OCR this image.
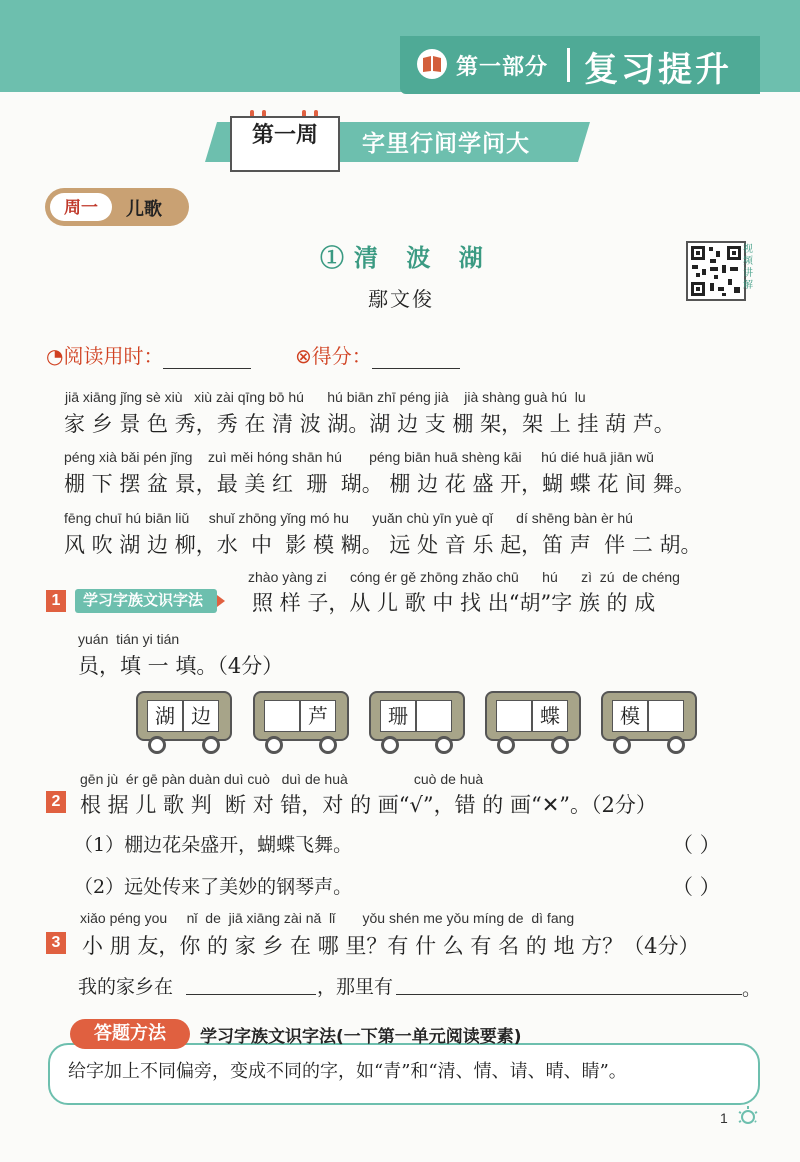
第一部分 复习提升
第一周	字里行间学问大
周一	儿歌
①清 波 湖
鄢文俊
视频讲解
◔阅读用时：	⊗得分：
jiā xiāng jǐng sè xiù   xiù zài qīng bō hú      hú biān zhī péng jià    jià shàng guà hú  lu
家 乡 景 色 秀，秀 在 清 波 湖。湖 边 支 棚 架，架 上 挂 葫 芦。
péng xià bǎi pén jǐng    zuì měi hóng shān hú       péng biān huā shèng kāi     hú dié huā jiān wǔ
棚 下 摆 盆 景，最 美 红  珊  瑚。 棚 边 花 盛 开，蝴 蝶 花 间 舞。
fēng chuī hú biān liǔ     shuǐ zhōng yǐng mó hu      yuǎn chù yīn yuè qǐ      dí shēng bàn èr hú
风 吹 湖 边 柳，水  中  影 模 糊。 远 处 音 乐 起，笛 声  伴 二 胡。
1	学习字族文识字法
zhào yàng zi      cóng ér gě zhōng zhǎo chū      hú      zì  zú  de chéng
照 样 子，从 儿 歌 中 找 出“胡”字 族 的 成
yuán  tián yi tián
员，填 一 填。（4分）
湖 边	芦	珊	蝶	模
2
gēn jù  ér gē pàn duàn duì cuò   duì de huà                 cuò de huà
根 据 儿 歌 判  断 对 错，对 的 画“√”，错 的 画“✕”。（2分）
（1）棚边花朵盛开，蝴蝶飞舞。	（ ）
（2）远处传来了美妙的钢琴声。	（ ）
3
xiǎo péng you     nǐ  de  jiā xiāng zài nǎ  lǐ       yǒu shén me yǒu míng de  dì fang
小 朋 友，你 的 家 乡 在 哪 里？有 什 么 有 名 的 地 方？（4分）
我的家乡在	，那里有	。
答题方法	学习字族文识字法(一下第一单元阅读要素)
给字加上不同偏旁，变成不同的字，如“青”和“清、情、请、晴、睛”。
1
